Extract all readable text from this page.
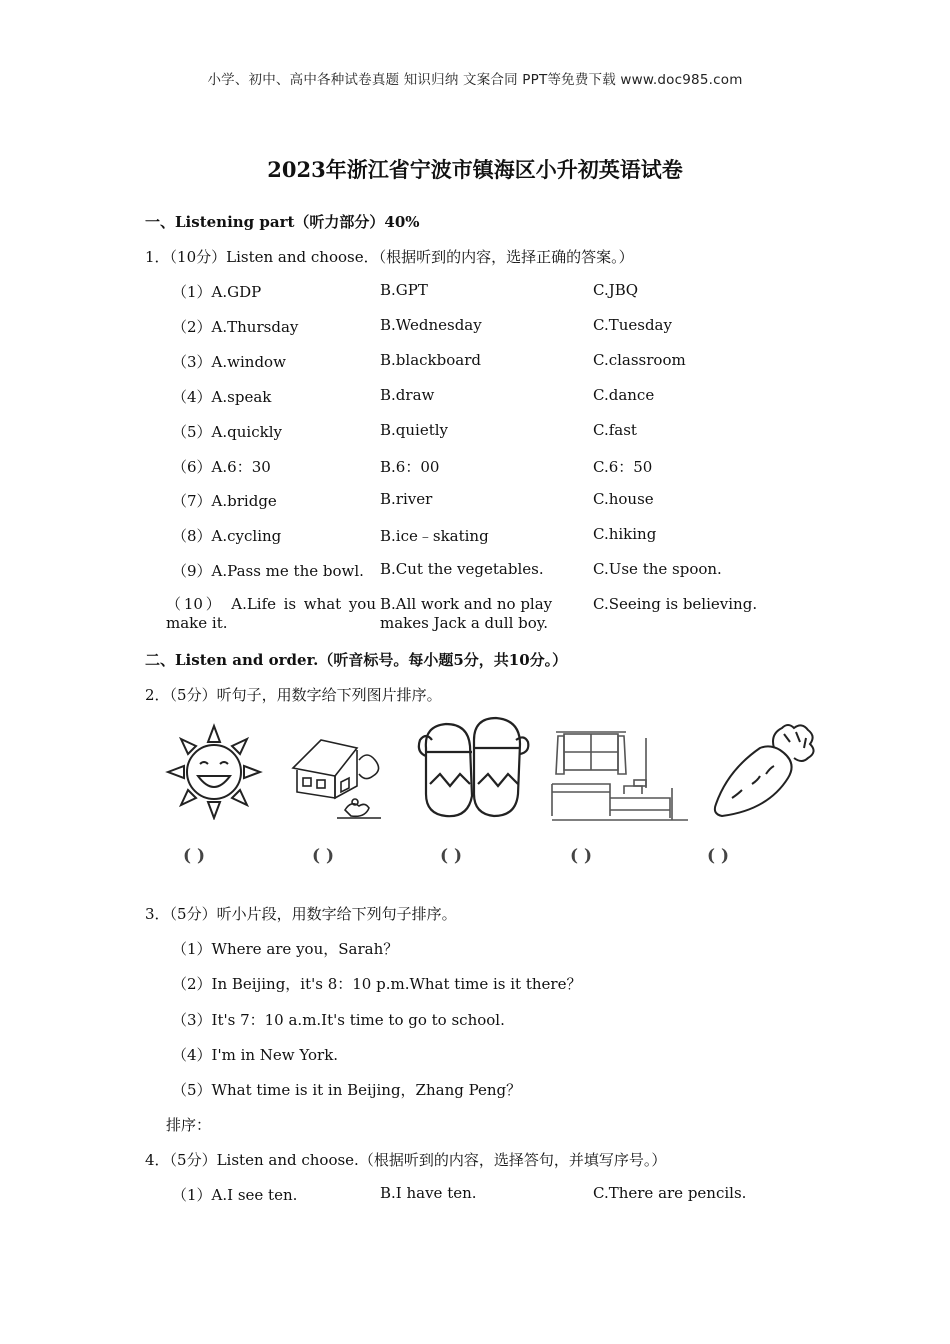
小学、初中、高中各种试卷真题 知识归纳 文案合同 PPT等免费下载 www.doc985.com
2023年浙江省宁波市镇海区小升初英语试卷
一、Listening part（听力部分）40%
1．（10分）Listen and choose．（根据听到的内容，选择正确的答案。）
（1）A.GDP	B.GPT	C.JBQ
（2）A.Thursday	B.Wednesday	C.Tuesday
（3）A.window	B.blackboard	C.classroom
（4）A.speak	B.draw	C.dance
（5）A.quickly	B.quietly	C.fast
（6）A.6：30	B.6：00	C.6：50
（7）A.bridge	B.river	C.house
（8）A.cycling	B.ice﹣skating	C.hiking
（9）A.Pass me the bowl. B.Cut the vegetables.	C.Use the spoon.
（10） A.Life is what you make it.
B.All work and no play makes Jack a dull boy.
C.Seeing is believing.
二、Listen and order.（听音标号。每小题5分，共10分。）
2．（5分）听句子，用数字给下列图片排序。
( )	( )	( )	( )	( )
3．（5分）听小片段，用数字给下列句子排序。
（1）Where are you，Sarah？
（2）In Beijing，it's 8：10 p.m.What time is it there？
（3）It's 7：10 a.m.It's time to go to school.
（4）I'm in New York.
（5）What time is it in Beijing，Zhang Peng？
排序：
4．（5分）Listen and choose.（根据听到的内容，选择答句，并填写序号。）
（1）A.I see ten.	B.I have ten.	C.There are pencils.
